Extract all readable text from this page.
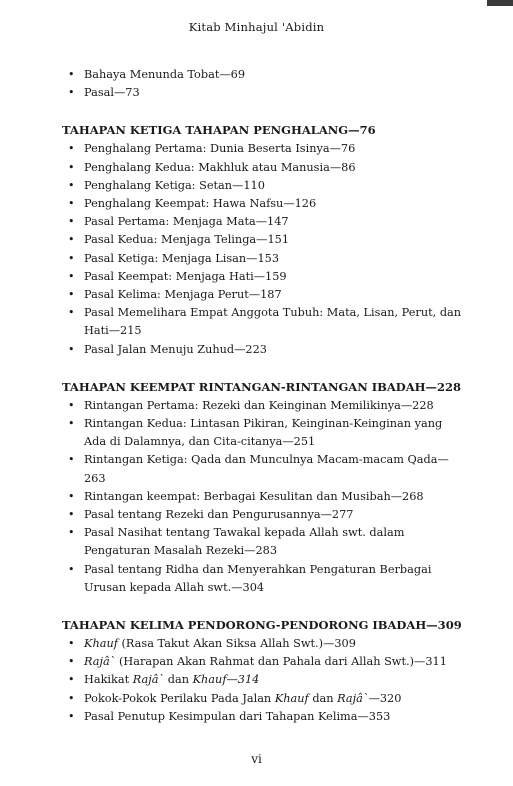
Kitab Minhajul 'Abidin
• Bahaya Menunda Tobat—69
• Pasal—73
TAHAPAN KETIGA TAHAPAN PENGHALANG—76
• Penghalang Pertama: Dunia Beserta Isinya—76
• Penghalang Kedua: Makhluk atau Manusia—86
• Penghalang Ketiga: Setan—110
• Penghalang Keempat: Hawa Nafsu—126
• Pasal Pertama: Menjaga Mata—147
• Pasal Kedua: Menjaga Telinga—151
• Pasal Ketiga: Menjaga Lisan—153
• Pasal Keempat: Menjaga Hati—159
• Pasal Kelima: Menjaga Perut—187
• Pasal Memelihara Empat Anggota Tubuh: Mata, Lisan, Perut, dan Hati—215
• Pasal Jalan Menuju Zuhud—223
TAHAPAN KEEMPAT RINTANGAN-RINTANGAN IBADAH—228
• Rintangan Pertama: Rezeki dan Keinginan Memilikinya—228
• Rintangan Kedua: Lintasan Pikiran, Keinginan-Keinginan yang Ada di Dalamnya, dan Cita-citanya—251
• Rintangan Ketiga: Qada dan Munculnya Macam-macam Qada—263
• Rintangan keempat: Berbagai Kesulitan dan Musibah—268
• Pasal tentang Rezeki dan Pengurusannya—277
• Pasal Nasihat tentang Tawakal kepada Allah swt. dalam Pengaturan Masalah Rezeki—283
• Pasal tentang Ridha dan Menyerahkan Pengaturan Berbagai Urusan kepada Allah swt.—304
TAHAPAN KELIMA PENDORONG-PENDORONG IBADAH—309
• Khauf (Rasa Takut Akan Siksa Allah Swt.)—309
• Rajâ` (Harapan Akan Rahmat dan Pahala dari Allah Swt.)—311
• Hakikat Rajâ` dan Khauf—314
• Pokok-Pokok Perilaku Pada Jalan Khauf dan Rajâ`—320
• Pasal Penutup Kesimpulan dari Tahapan Kelima—353
vi
